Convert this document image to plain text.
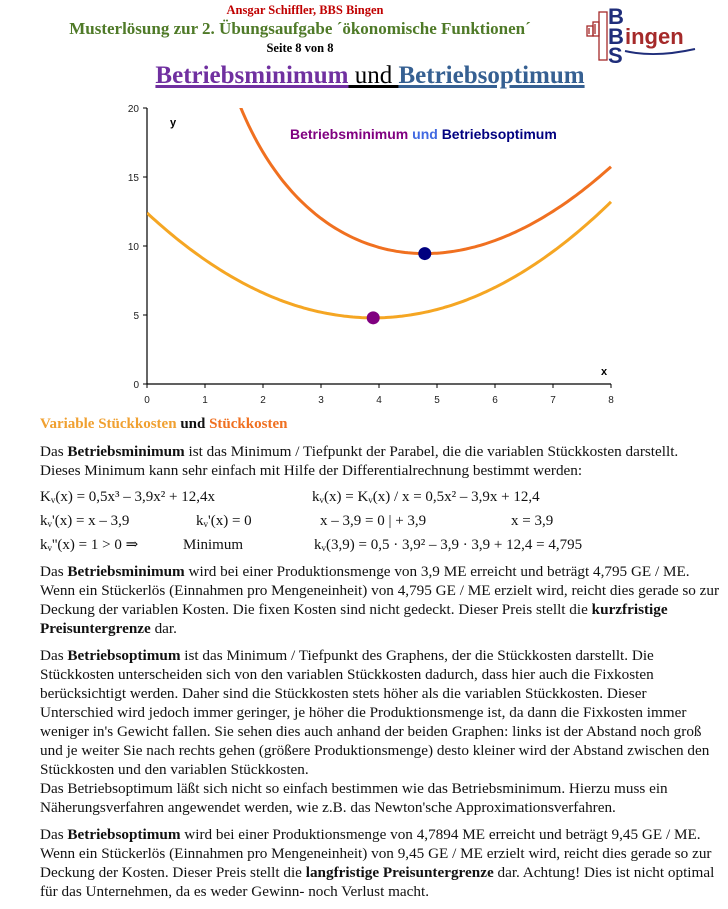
Ansgar Schiffler, BBS Bingen
Musterlösung zur 2. Übungsaufgabe ´ökonomische Funktionen´
Seite 8 von 8
B
B
S
ingen
Betriebsminimum und Betriebsoptimum
0
5
10
15
20
0	1	2	3	4	5	6	7	8
y
x
Betriebsminimum und Betriebsoptimum
Variable Stückkosten und Stückkosten

Das Betriebsminimum ist das Minimum / Tiefpunkt der Parabel, die die variablen Stückkosten darstellt. Dieses Minimum kann sehr einfach mit Hilfe der Differentialrechnung bestimmt werden:

$K_v(x) = 0,5x^3 - 3,9x^2 + 12,4x$	$k_v(x) = K_v(x) / x = 0,5x^2 - 3,9x + 12,4$
$k_v'(x) = x - 3,9$	$k_v'(x) = 0$	x – 3,9 = 0 | + 3,9	x = 3,9
$k_v''(x) = 1 > 0$ ⇒	Minimum	$k_v(3,9) = 0,5 \cdot 3,9^2 - 3,9 \cdot 3,9 + 12,4 = 4,795$

Das Betriebsminimum wird bei einer Produktionsmenge von 3,9 ME erreicht und beträgt 4,795 GE / ME. Wenn ein Stückerlös (Einnahmen pro Mengeneinheit) von 4,795 GE / ME erzielt wird, reicht dies gerade so zur Deckung der variablen Kosten. Die fixen Kosten sind nicht gedeckt. Dieser Preis stellt die kurzfristige Preisuntergrenze dar.

Das Betriebsoptimum ist das Minimum / Tiefpunkt des Graphens, der die Stückkosten darstellt. Die Stückkosten unterscheiden sich von den variablen Stückkosten dadurch, dass hier auch die Fixkosten berücksichtigt werden. Daher sind die Stückkosten stets höher als die variablen Stückkosten. Dieser Unterschied wird jedoch immer geringer, je höher die Produktionsmenge ist, da dann die Fixkosten immer weniger in's Gewicht fallen. Sie sehen dies auch anhand der beiden Graphen: links ist der Abstand noch groß und je weiter Sie nach rechts gehen (größere Produktionsmenge) desto kleiner wird der Abstand zwischen den Stückkosten und den variablen Stückkosten.
Das Betriebsoptimum läßt sich nicht so einfach bestimmen wie das Betriebsminimum. Hierzu muss ein Näherungsverfahren angewendet werden, wie z.B. das Newton'sche Approximationsverfahren.

Das Betriebsoptimum wird bei einer Produktionsmenge von 4,7894 ME erreicht und beträgt 9,45 GE / ME. Wenn ein Stückerlös (Einnahmen pro Mengeneinheit) von 9,45 GE / ME erzielt wird, reicht dies gerade so zur Deckung der Kosten. Dieser Preis stellt die langfristige Preisuntergrenze dar. Achtung! Dies ist nicht optimal für das Unternehmen, da es weder Gewinn- noch Verlust macht.
